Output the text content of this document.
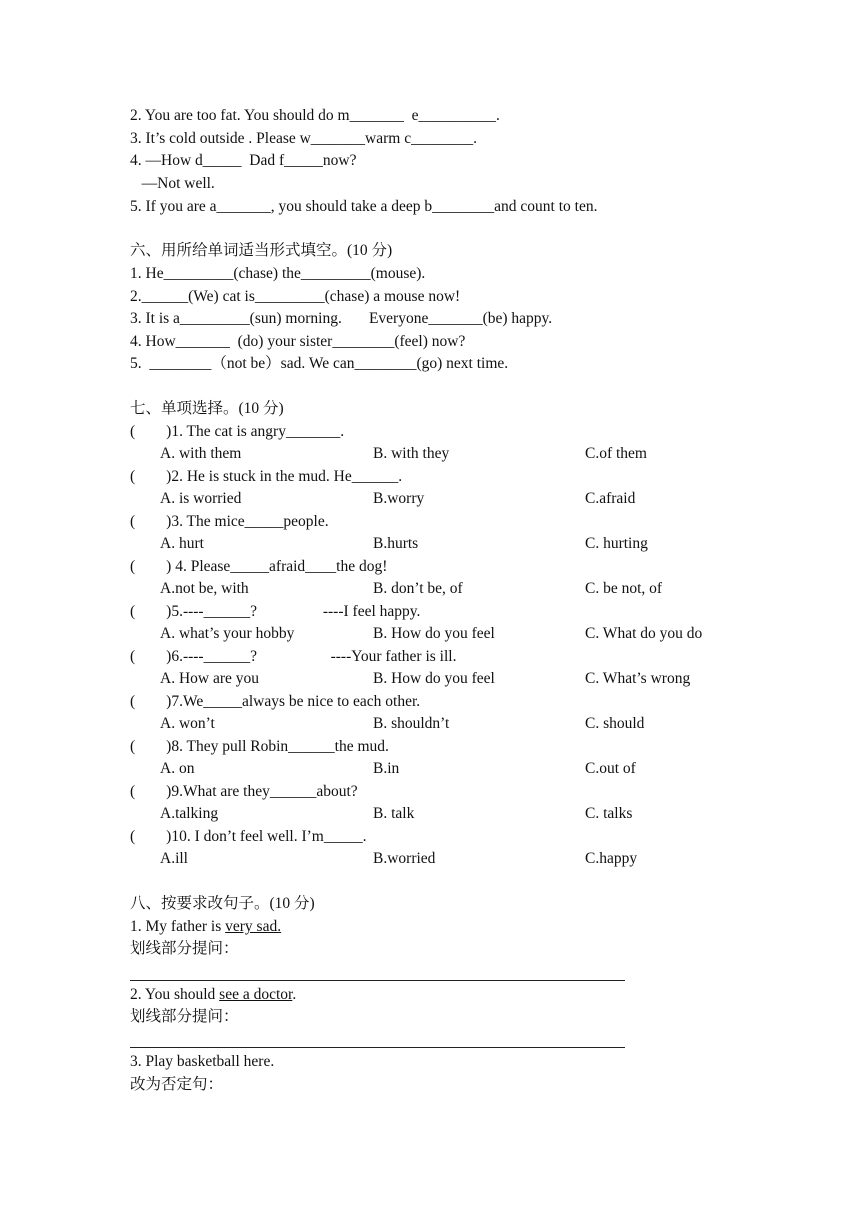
2. You are too fat. You should do m_______  e__________.
3. It’s cold outside . Please w_______warm c________.
4. —How d_____  Dad f_____now?
—Not well.
5. If you are a_______, you should take a deep b________and count to ten.
六、用所给单词适当形式填空。(10 分)
1. He_________(chase) the_________(mouse).
2.______(We) cat is_________(chase) a mouse now!
3. It is a_________(sun) morning.       Everyone_______(be) happy.
4. How_______  (do) your sister________(feel) now?
5.  ________（not be）sad. We can________(go) next time.
七、单项选择。(10 分)
(        )1. The cat is angry_______.
A. with them	B. with they	C.of them
(        )2. He is stuck in the mud. He______.
A. is worried	B.worry	C.afraid
(        )3. The mice_____people.
A. hurt	B.hurts	C. hurting
(        ) 4. Please_____afraid____the dog!
A.not be, with	B. don’t be, of	C. be not, of
(        )5.----______?                 ----I feel happy.
A. what’s your hobby	B. How do you feel	C. What do you do
(        )6.----______?                   ----Your father is ill.
A. How are you	B. How do you feel	C. What’s wrong
(        )7.We_____always be nice to each other.
A. won’t	B. shouldn’t	C. should
(        )8. They pull Robin______the mud.
A. on	B.in	C.out of
(        )9.What are they______about?
A.talking	B. talk	C. talks
(        )10. I don’t feel well. I’m_____.
A.ill	B.worried	C.happy
八、按要求改句子。(10 分)
1. My father is very sad.
划线部分提问：
2. You should see a doctor.
划线部分提问：
3. Play basketball here.
改为否定句：
